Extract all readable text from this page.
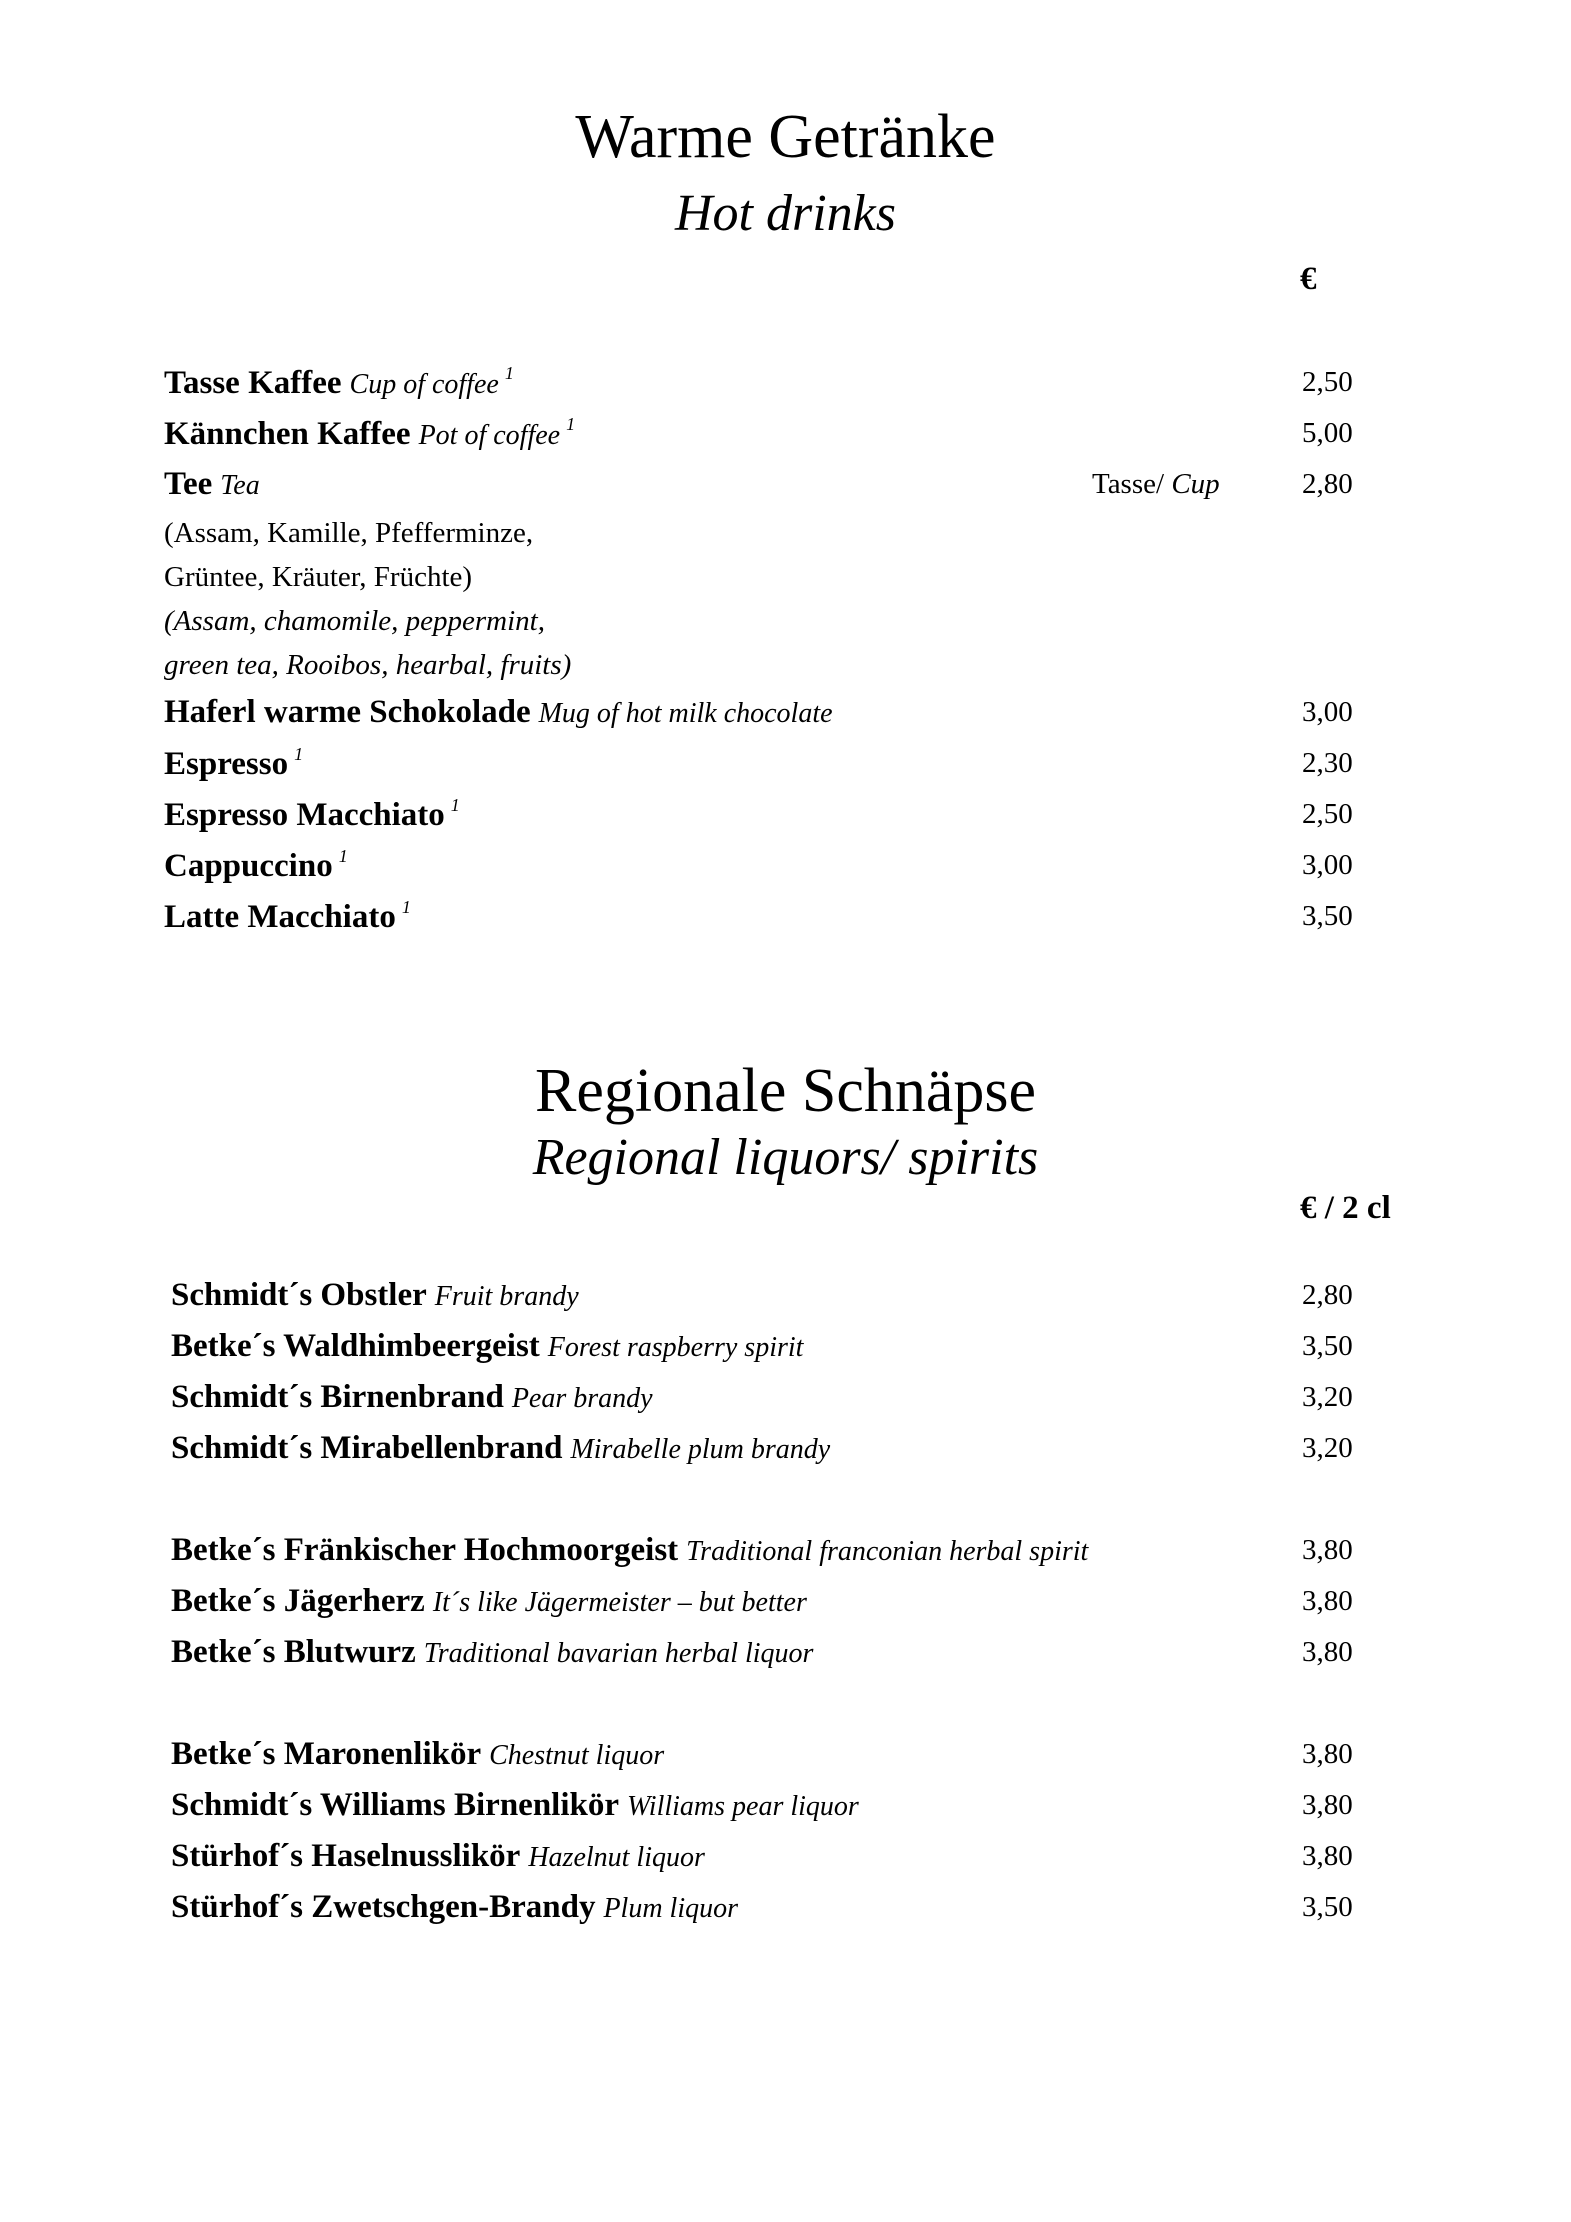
Warme Getränke
Hot drinks
€
Tasse Kaffee Cup of coffee $^1$	2,50
Kännchen Kaffee Pot of coffee $^1$	5,00
Tee Tea	Tasse/ Cup	2,80
(Assam, Kamille, Pfefferminze,
Grüntee, Kräuter, Früchte)
(Assam, chamomile, peppermint,
green tea, Rooibos, hearbal, fruits)
Haferl warme Schokolade Mug of hot milk chocolate	3,00
Espresso $^1$	2,30
Espresso Macchiato $^1$	2,50
Cappuccino $^1$	3,00
Latte Macchiato $^1$	3,50
Regionale Schnäpse
Regional liquors/ spirits
€ / 2 cl
Schmidt´s Obstler Fruit brandy	2,80
Betke´s Waldhimbeergeist Forest raspberry spirit	3,50
Schmidt´s Birnenbrand Pear brandy	3,20
Schmidt´s Mirabellenbrand Mirabelle plum brandy	3,20
Betke´s Fränkischer Hochmoorgeist Traditional franconian herbal spirit	3,80
Betke´s Jägerherz It´s like Jägermeister – but better	3,80
Betke´s Blutwurz Traditional bavarian herbal liquor	3,80
Betke´s Maronenlikör Chestnut liquor	3,80
Schmidt´s Williams Birnenlikör Williams pear liquor	3,80
Stürhof´s Haselnusslikör Hazelnut liquor	3,80
Stürhof´s Zwetschgen-Brandy Plum liquor	3,50
